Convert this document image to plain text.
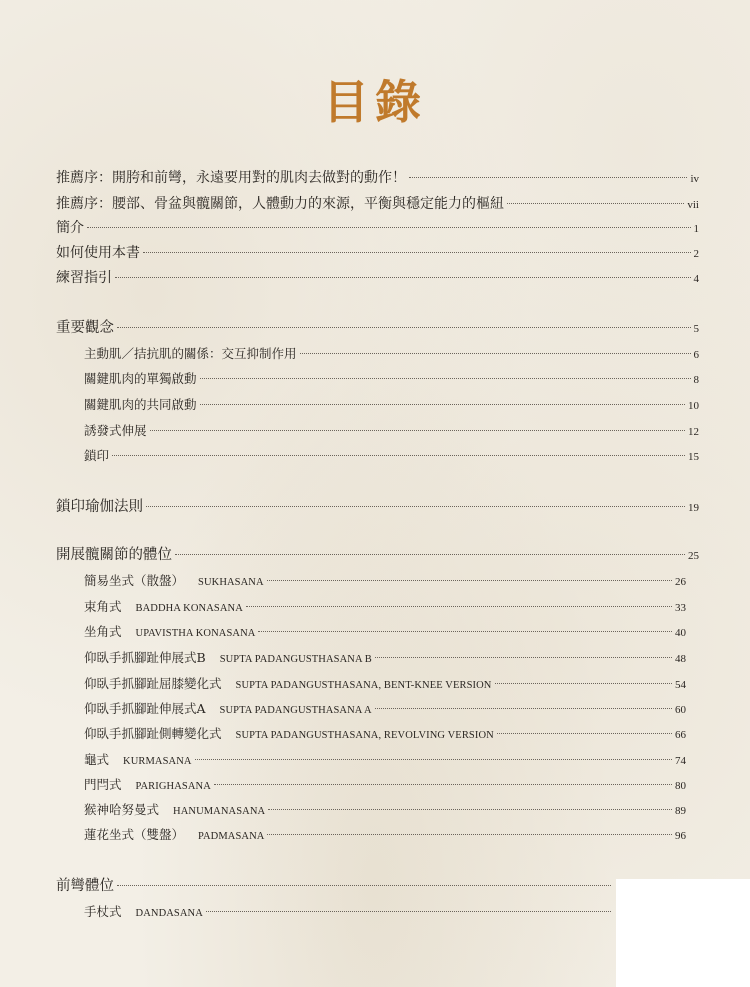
目錄
推薦序：開胯和前彎，永遠要用對的肌肉去做對的動作！	iv
推薦序：腰部、骨盆與髖關節，人體動力的來源，平衡與穩定能力的樞紐	vii
簡介	1
如何使用本書	2
練習指引	4
重要觀念	5
主動肌／拮抗肌的關係：交互抑制作用	6
關鍵肌肉的單獨啟動	8
關鍵肌肉的共同啟動	10
誘發式伸展	12
鎖印	15
鎖印瑜伽法則	19
開展髖關節的體位	25
簡易坐式（散盤） SUKHASANA	26
束角式 BADDHA KONASANA	33
坐角式 UPAVISTHA KONASANA	40
仰臥手抓腳趾伸展式B SUPTA PADANGUSTHASANA B	48
仰臥手抓腳趾屈膝變化式 SUPTA PADANGUSTHASANA, BENT-KNEE VERSION	54
仰臥手抓腳趾伸展式A SUPTA PADANGUSTHASANA A	60
仰臥手抓腳趾側轉變化式 SUPTA PADANGUSTHASANA, REVOLVING VERSION	66
龜式 KURMASANA	74
門閂式 PARIGHASANA	80
猴神哈努曼式 HANUMANASANA	89
蓮花坐式（雙盤） PADMASANA	96
前彎體位
手杖式 DANDASANA
